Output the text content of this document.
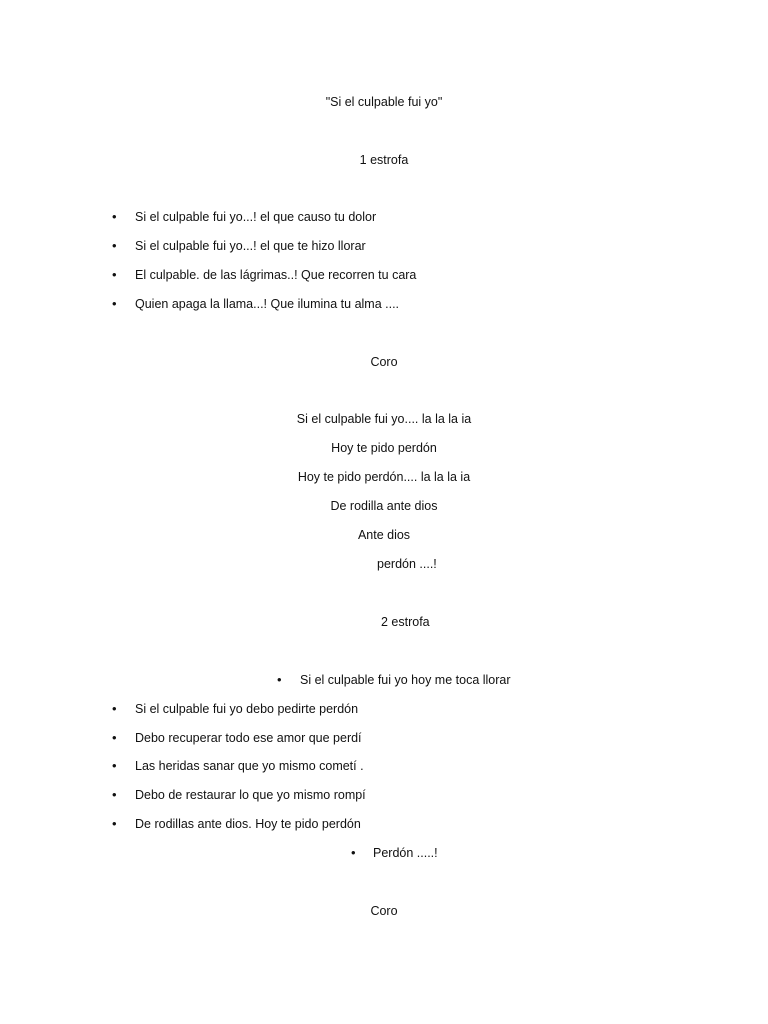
"Si el culpable fui yo"
1 estrofa
• Si el culpable fui yo...! el que causo tu dolor
• Si el culpable fui yo...! el que te hizo llorar
• El culpable. de las lágrimas..! Que recorren tu cara
• Quien apaga la llama...! Que ilumina tu alma ....
Coro
Si el culpable fui yo.... la la la ia
Hoy te pido perdón
Hoy te pido perdón.... la la la ia
De rodilla ante dios
Ante dios
perdón ....!
2 estrofa
• Si el culpable fui yo hoy me toca llorar
• Si el culpable fui yo debo pedirte perdón
• Debo recuperar todo ese amor que perdí
• Las heridas sanar que yo mismo cometí .
• Debo de restaurar lo que yo mismo rompí
• De rodillas ante dios. Hoy te pido perdón
• Perdón .....!
Coro
